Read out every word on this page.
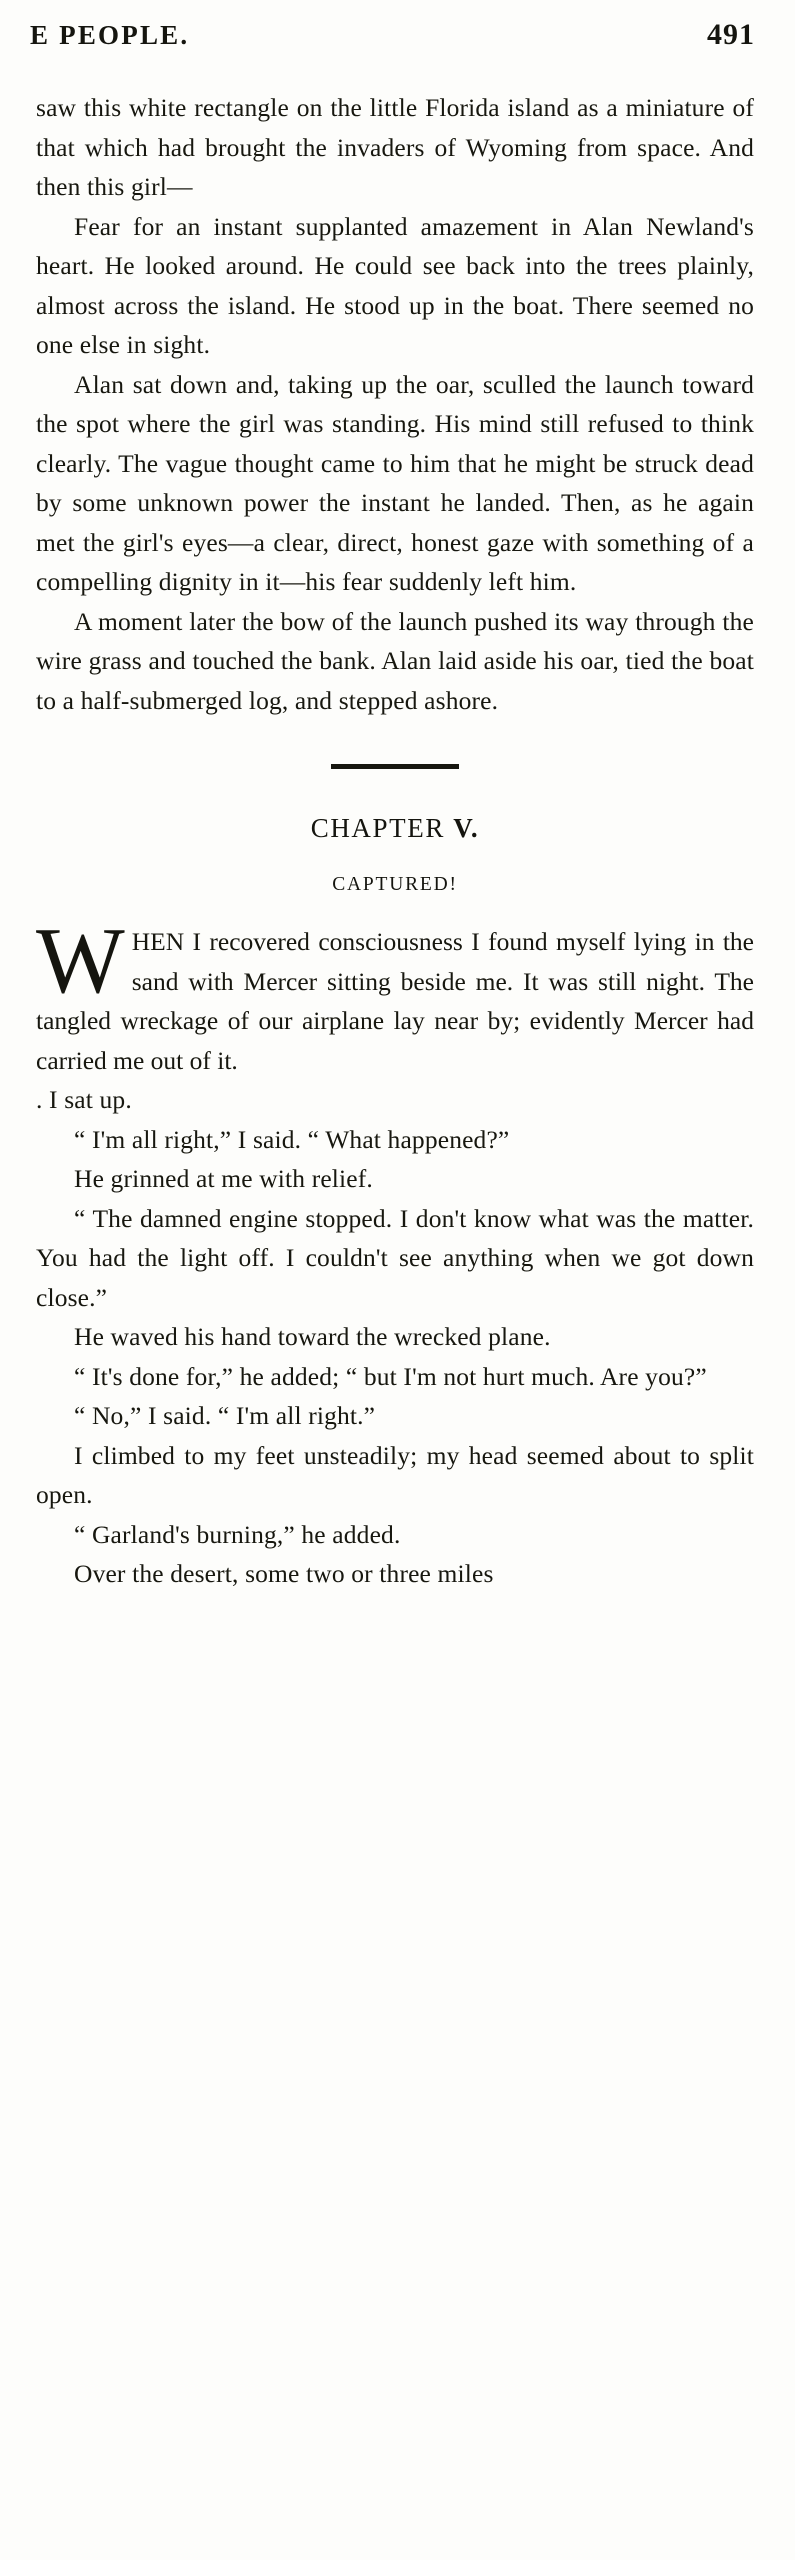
E PEOPLE.	491

saw this white rectangle on the little Florida island as a miniature of that which had brought the invaders of Wyoming from space. And then this girl—

Fear for an instant supplanted amazement in Alan Newland's heart. He looked around. He could see back into the trees plainly, almost across the island. He stood up in the boat. There seemed no one else in sight.

Alan sat down and, taking up the oar, sculled the launch toward the spot where the girl was standing. His mind still refused to think clearly. The vague thought came to him that he might be struck dead by some unknown power the instant he landed. Then, as he again met the girl's eyes—a clear, direct, honest gaze with something of a compelling dignity in it—his fear suddenly left him.

A moment later the bow of the launch pushed its way through the wire grass and touched the bank. Alan laid aside his oar, tied the boat to a half-submerged log, and stepped ashore.

CHAPTER V.
CAPTURED!

WHEN I recovered consciousness I found myself lying in the sand with Mercer sitting beside me. It was still night. The tangled wreckage of our airplane lay near by; evidently Mercer had carried me out of it.

. I sat up.

“ I'm all right,” I said. “ What happened?”

He grinned at me with relief.

“ The damned engine stopped. I don't know what was the matter. You had the light off. I couldn't see anything when we got down close.”

He waved his hand toward the wrecked plane.

“ It's done for,” he added; “ but I'm not hurt much. Are you?”

“ No,” I said. “ I'm all right.”

I climbed to my feet unsteadily; my head seemed about to split open.

“ Garland's burning,” he added.

Over the desert, some two or three miles
